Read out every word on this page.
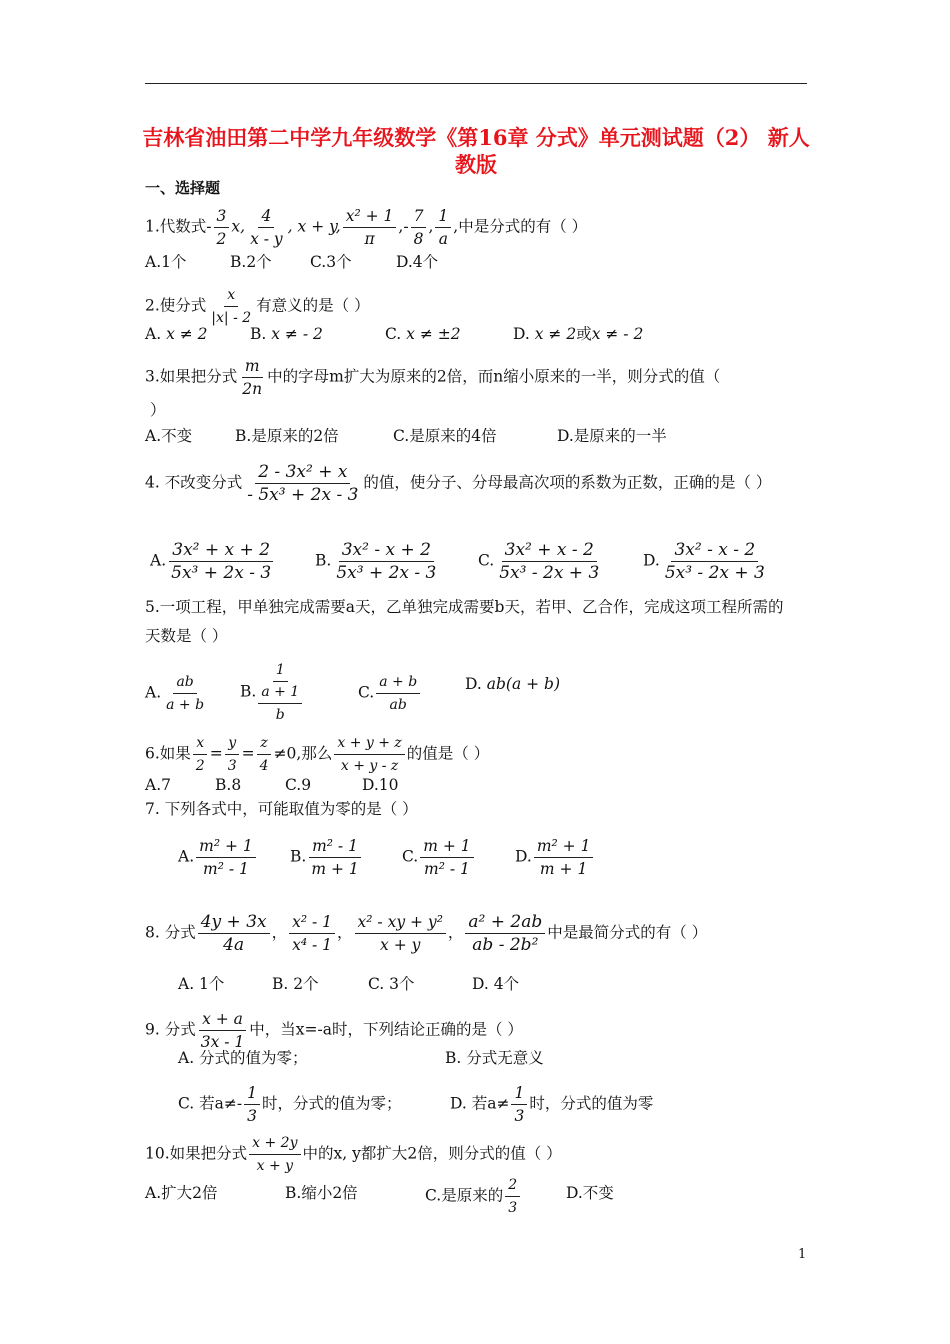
吉林省油田第二中学九年级数学《第16章 分式》单元测试题（2） 新人教版
一、选择题
1.代数式- $\frac{3}{2} x$, $\frac{4}{x - y}$ , x + y, $\frac{\text{x² + 1}}{\pi}$ ,- $\frac{7}{8}$ , $\frac{1}{a}$ ,中是分式的有（ ）
A.1个	B.2个 C.3个	D.4个
2.使分式 $\frac{x}{|x| - 2}$ 有意义的是（ ）
A. x ≠ 2	B. x ≠ - 2	C. x ≠ ±2	D. x ≠ 2或x ≠ - 2
3.如果把分式 $\frac{m}{2n}$ 中的字母m扩大为原来的2倍，而n缩小原来的一半，则分式的值（
）
A.不变	B.是原来的2倍	C.是原来的4倍	D.是原来的一半
4. 不改变分式 $\frac{\text{2 - 3x² + x}}{\text{- 5x³ + 2x - 3}}$ 的值，使分子、分母最高次项的系数为正数，正确的是（ ）
A. $\frac{\text{3x² + x + 2}}{\text{5x³ + 2x - 3}}$	B. $\frac{\text{3x² - x + 2}}{\text{5x³ + 2x - 3}} C$. $\frac{\text{3x² + x - 2}}{\text{5x³ - 2x + 3}}$	D. $\frac{\text{3x² - x - 2}}{\text{5x³ - 2x + 3}}$
5.一项工程，甲单独完成需要a天，乙单独完成需要b天，若甲、乙合作，完成这项工程所需的
天数是（ ）
A. $\frac{ab}{a + b} B$.
1
a + 1
b
C. $\frac{a + b}{ab}$	D. ab(a + b)
6.如果 $\frac{x}{2} = \frac{y}{3} = \frac{z}{4} \ne 0$,那么 $\frac{x + y + z}{x + y - z}$ 的值是（ ）
A.7	B.8	C.9	D.10
7. 下列各式中，可能取值为零的是（ ）
A. $\frac{\text{m² + 1}}{\text{m² - 1}} B$. $\frac{\text{m² - 1}}{m + 1}$	C. $\frac{m + 1}{\text{m² - 1}}$	D. $\frac{\text{m² + 1}}{m + 1}$
8. 分式 $\frac{4y + 3x}{4a}$ ， $\frac{\text{x² - 1}}{\text{x⁴ - 1}}$ ， $\frac{\text{x² - xy + y²}}{x + y}$ ， $\frac{\text{a² + 2ab}}{\text{ab - 2b²}}$ 中是最简分式的有（ ）
A. 1个	B. 2个	C. 3个	D. 4个
9. 分式 $\frac{x + a}{3x - 1}$ 中，当x=-a时，下列结论正确的是（ ）
A. 分式的值为零；	B. 分式无意义
C. 若$a\ne- \frac{1}{3}$ 时，分式的值为零；	D. 若$a\ne \frac{1}{3}$ 时，分式的值为零
10.如果把分式 $\frac{x + 2y}{x + y}$ 中的x, y都扩大2倍，则分式的值（ ）
A.扩大2倍	B.缩小2倍	C.是原来的 $\frac{2}{3}$	D.不变
1
